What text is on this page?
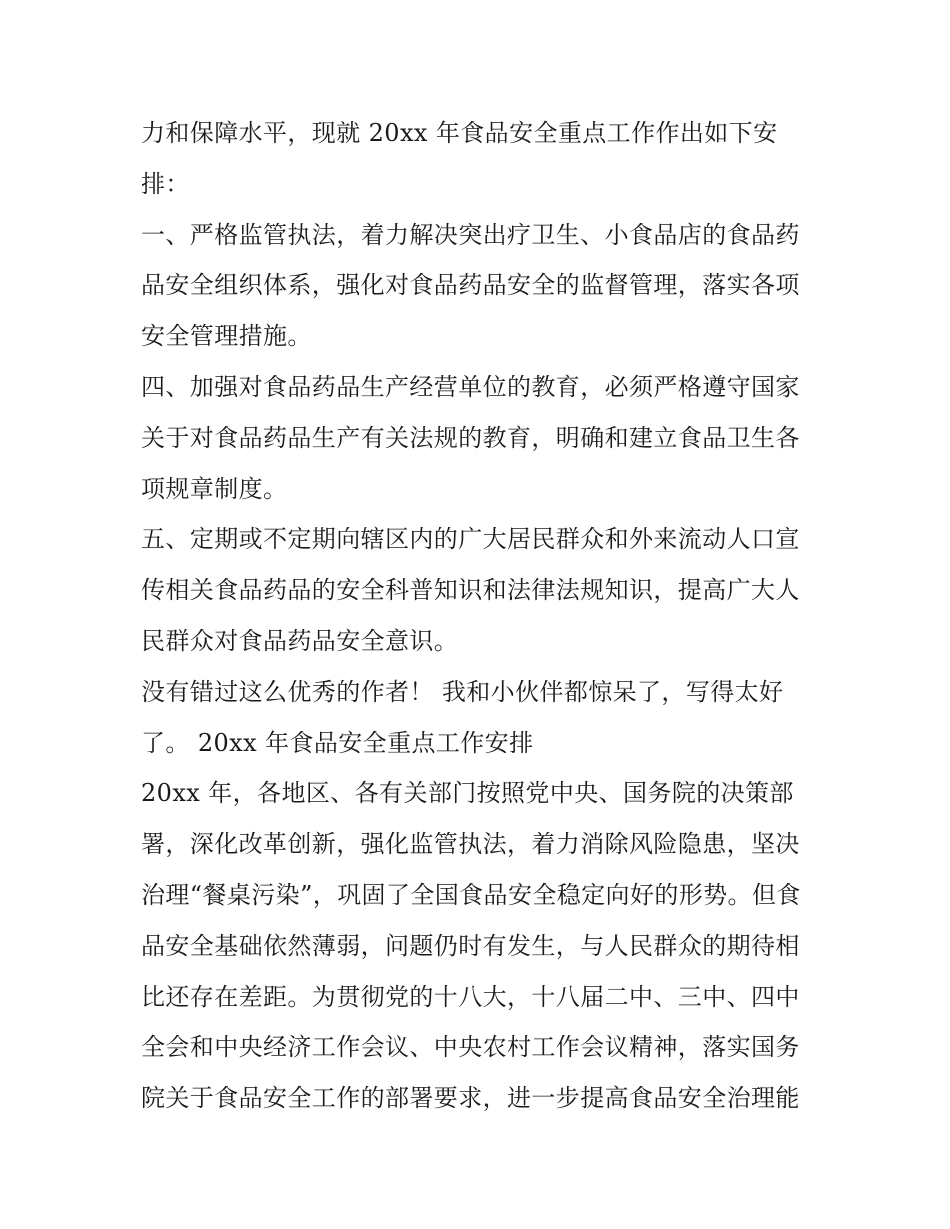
力和保障水平，现就 20xx 年食品安全重点工作作出如下安
排：
一、严格监管执法，着力解决突出疗卫生、小食品店的食品药
品安全组织体系，强化对食品药品安全的监督管理，落实各项
安全管理措施。
四、加强对食品药品生产经营单位的教育，必须严格遵守国家
关于对食品药品生产有关法规的教育，明确和建立食品卫生各
项规章制度。
五、定期或不定期向辖区内的广大居民群众和外来流动人口宣
传相关食品药品的安全科普知识和法律法规知识，提高广大人
民群众对食品药品安全意识。
没有错过这么优秀的作者！ 我和小伙伴都惊呆了，写得太好
了。 20xx 年食品安全重点工作安排
20xx 年，各地区、各有关部门按照党中央、国务院的决策部
署，深化改革创新，强化监管执法，着力消除风险隐患，坚决
治理“餐桌污染”，巩固了全国食品安全稳定向好的形势。但食
品安全基础依然薄弱，问题仍时有发生，与人民群众的期待相
比还存在差距。为贯彻党的十八大，十八届二中、三中、四中
全会和中央经济工作会议、中央农村工作会议精神，落实国务
院关于食品安全工作的部署要求，进一步提高食品安全治理能
